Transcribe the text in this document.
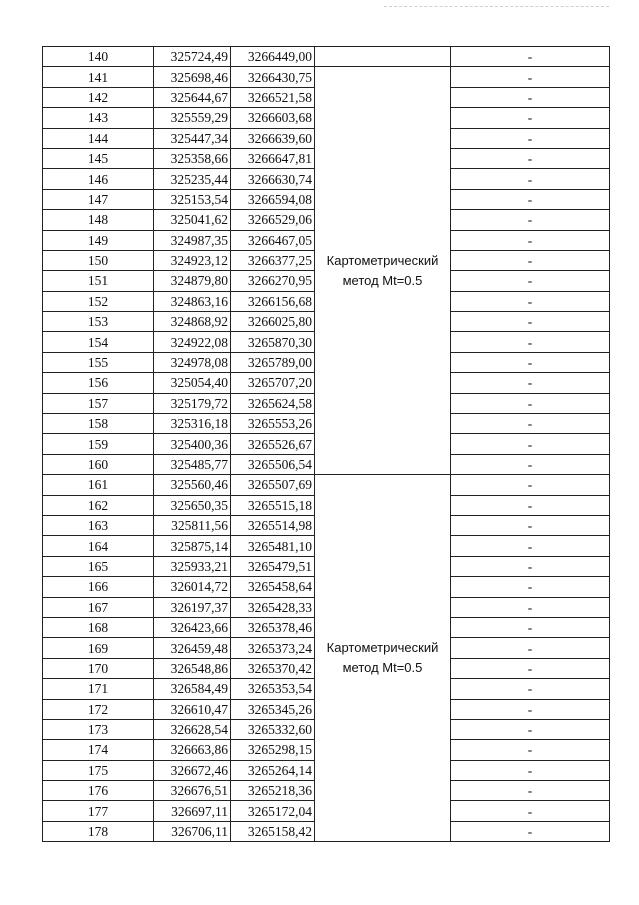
140	325724,49	3266449,00		-
141	325698,46	3266430,75	Картометрический метод Mt=0.5	-
142	325644,67	3266521,58		-
143	325559,29	3266603,68		-
144	325447,34	3266639,60		-
145	325358,66	3266647,81		-
146	325235,44	3266630,74		-
147	325153,54	3266594,08		-
148	325041,62	3266529,06		-
149	324987,35	3266467,05		-
150	324923,12	3266377,25		-
151	324879,80	3266270,95		-
152	324863,16	3266156,68		-
153	324868,92	3266025,80		-
154	324922,08	3265870,30		-
155	324978,08	3265789,00		-
156	325054,40	3265707,20		-
157	325179,72	3265624,58		-
158	325316,18	3265553,26		-
159	325400,36	3265526,67		-
160	325485,77	3265506,54		-
161	325560,46	3265507,69	Картометрический метод Mt=0.5	-
162	325650,35	3265515,18		-
163	325811,56	3265514,98		-
164	325875,14	3265481,10		-
165	325933,21	3265479,51		-
166	326014,72	3265458,64		-
167	326197,37	3265428,33		-
168	326423,66	3265378,46		-
169	326459,48	3265373,24		-
170	326548,86	3265370,42		-
171	326584,49	3265353,54		-
172	326610,47	3265345,26		-
173	326628,54	3265332,60		-
174	326663,86	3265298,15		-
175	326672,46	3265264,14		-
176	326676,51	3265218,36		-
177	326697,11	3265172,04		-
178	326706,11	3265158,42		-
